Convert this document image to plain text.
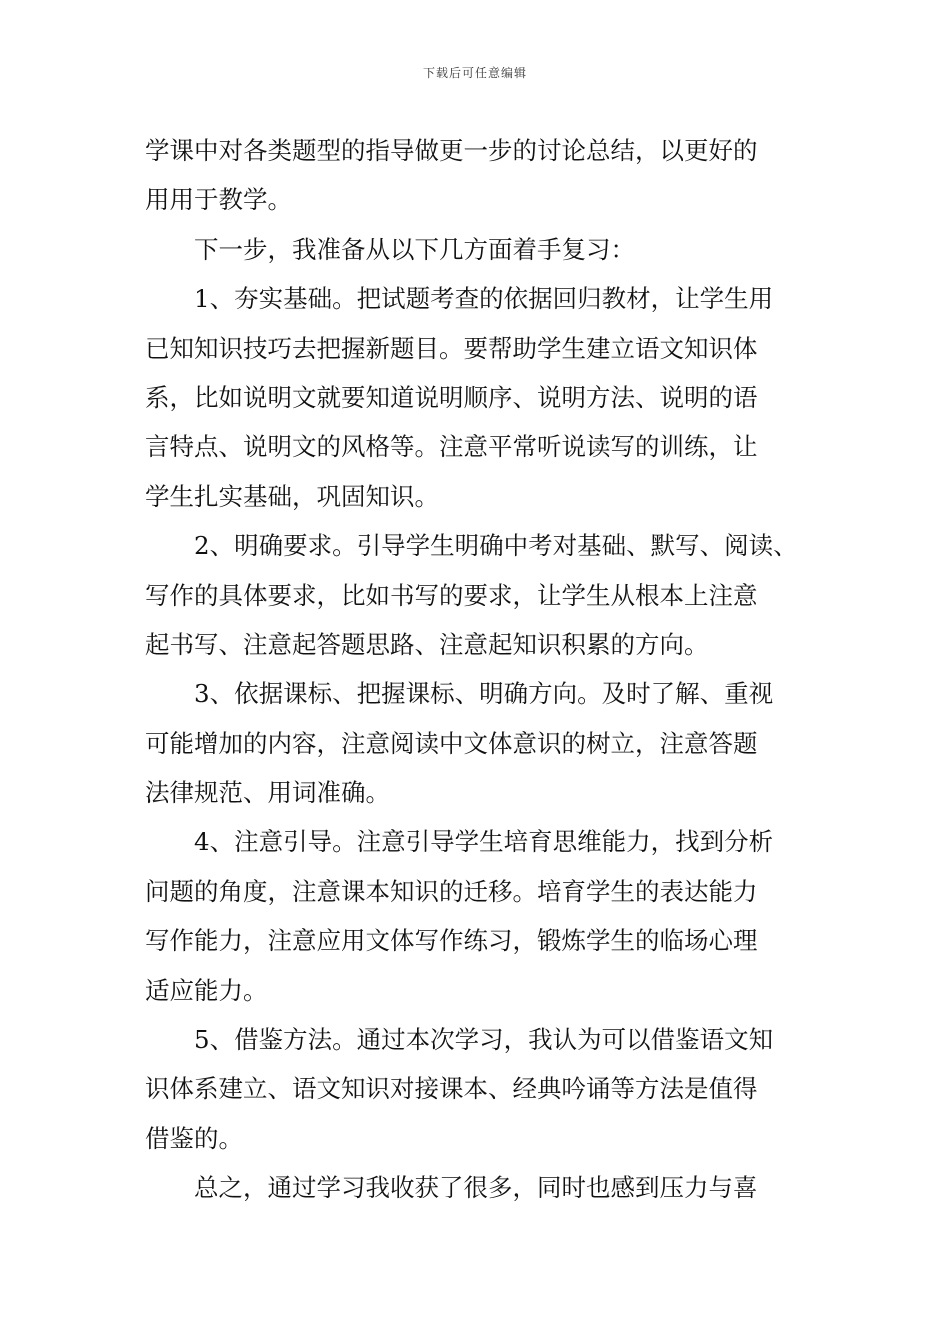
下载后可任意编辑
学课中对各类题型的指导做更一步的讨论总结，以更好的
用用于教学。
下一步，我准备从以下几方面着手复习：
1、夯实基础。把试题考查的依据回归教材，让学生用
已知知识技巧去把握新题目。要帮助学生建立语文知识体
系，比如说明文就要知道说明顺序、说明方法、说明的语
言特点、说明文的风格等。注意平常听说读写的训练，让
学生扎实基础，巩固知识。
2、明确要求。引导学生明确中考对基础、默写、阅读、
写作的具体要求，比如书写的要求，让学生从根本上注意
起书写、注意起答题思路、注意起知识积累的方向。
3、依据课标、把握课标、明确方向。及时了解、重视
可能增加的内容，注意阅读中文体意识的树立，注意答题
法律规范、用词准确。
4、注意引导。注意引导学生培育思维能力，找到分析
问题的角度，注意课本知识的迁移。培育学生的表达能力
写作能力，注意应用文体写作练习，锻炼学生的临场心理
适应能力。
5、借鉴方法。通过本次学习，我认为可以借鉴语文知
识体系建立、语文知识对接课本、经典吟诵等方法是值得
借鉴的。
总之，通过学习我收获了很多，同时也感到压力与喜
